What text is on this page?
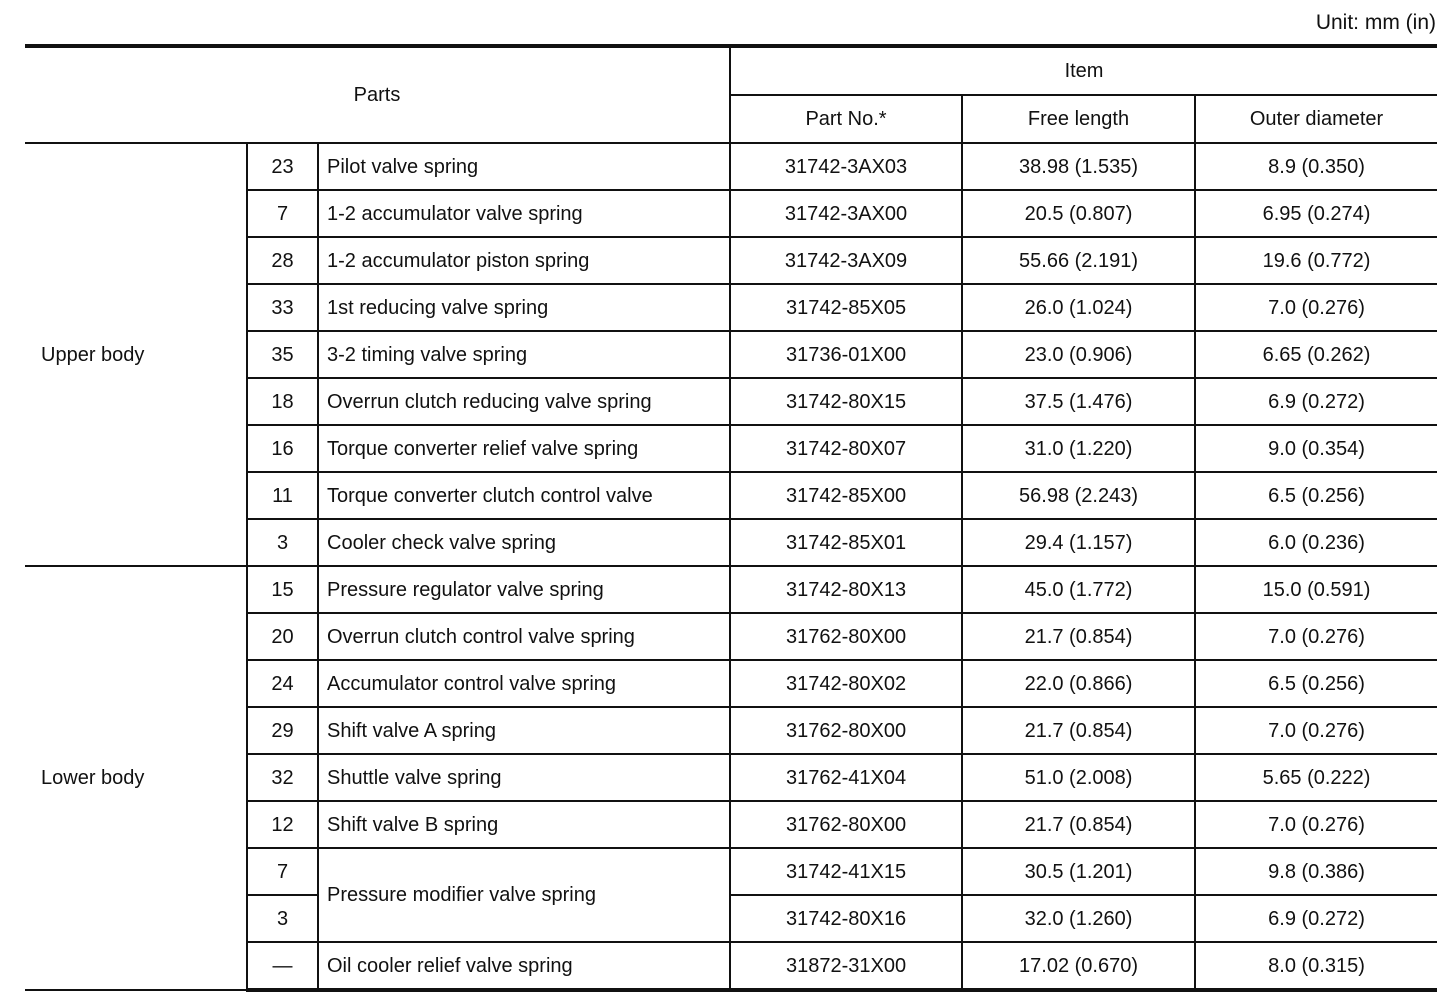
Unit: mm (in)
Parts			Item		
			Part No.*	Free length	Outer diameter
Upper body	23	Pilot valve spring	31742-3AX03	38.98 (1.535)	8.9 (0.350)
	7	1-2 accumulator valve spring	31742-3AX00	20.5 (0.807)	6.95 (0.274)
	28	1-2 accumulator piston spring	31742-3AX09	55.66 (2.191)	19.6 (0.772)
	33	1st reducing valve spring	31742-85X05	26.0 (1.024)	7.0 (0.276)
	35	3-2 timing valve spring	31736-01X00	23.0 (0.906)	6.65 (0.262)
	18	Overrun clutch reducing valve spring	31742-80X15	37.5 (1.476)	6.9 (0.272)
	16	Torque converter relief valve spring	31742-80X07	31.0 (1.220)	9.0 (0.354)
	11	Torque converter clutch control valve	31742-85X00	56.98 (2.243)	6.5 (0.256)
	3	Cooler check valve spring	31742-85X01	29.4 (1.157)	6.0 (0.236)
Lower body	15	Pressure regulator valve spring	31742-80X13	45.0 (1.772)	15.0 (0.591)
	20	Overrun clutch control valve spring	31762-80X00	21.7 (0.854)	7.0 (0.276)
	24	Accumulator control valve spring	31742-80X02	22.0 (0.866)	6.5 (0.256)
	29	Shift valve A spring	31762-80X00	21.7 (0.854)	7.0 (0.276)
	32	Shuttle valve spring	31762-41X04	51.0 (2.008)	5.65 (0.222)
	12	Shift valve B spring	31762-80X00	21.7 (0.854)	7.0 (0.276)
	7	Pressure modifier valve spring	31742-41X15	30.5 (1.201)	9.8 (0.386)
	3		31742-80X16	32.0 (1.260)	6.9 (0.272)
	—	Oil cooler relief valve spring	31872-31X00	17.02 (0.670)	8.0 (0.315)
